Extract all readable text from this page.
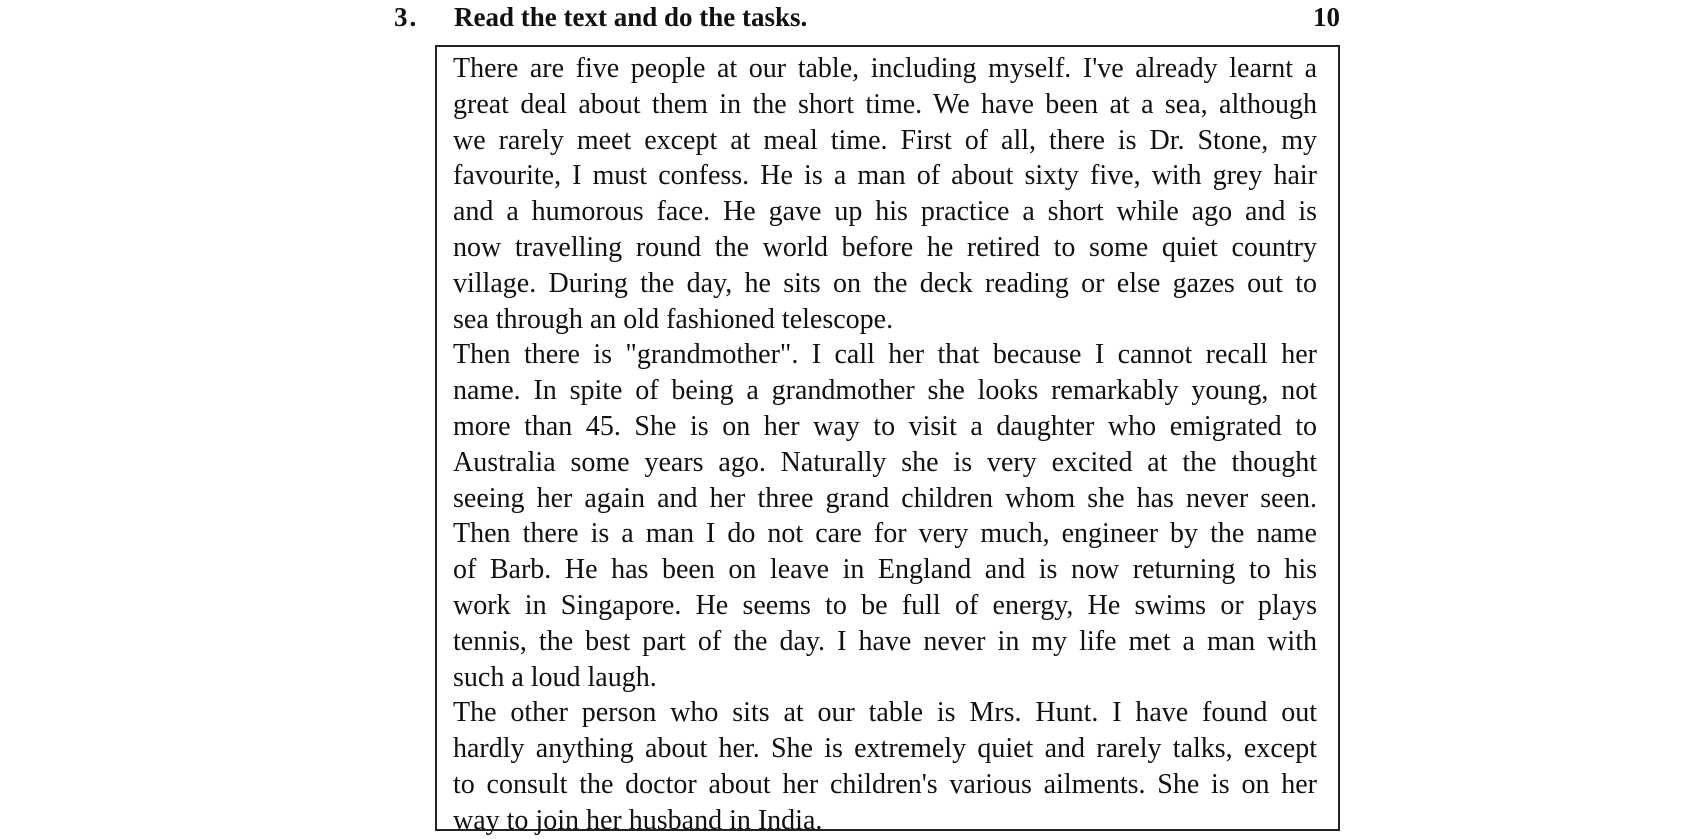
3. Read the text and do the tasks.	10
There are five people at our table, including myself. I've already learnt a
great deal about them in the short time. We have been at a sea, although
we rarely meet except at meal time. First of all, there is Dr. Stone, my
favourite, I must confess. He is a man of about sixty five, with grey hair
and a humorous face. He gave up his practice a short while ago and is
now travelling round the world before he retired to some quiet country
village. During the day, he sits on the deck reading or else gazes out to
sea through an old fashioned telescope.
Then there is "grandmother". I call her that because I cannot recall her
name. In spite of being a grandmother she looks remarkably young, not
more than 45. She is on her way to visit a daughter who emigrated to
Australia some years ago. Naturally she is very excited at the thought
seeing her again and her three grand children whom she has never seen.
Then there is a man I do not care for very much, engineer by the name
of Barb. He has been on leave in England and is now returning to his
work in Singapore. He seems to be full of energy, He swims or plays
tennis, the best part of the day. I have never in my life met a man with
such a loud laugh.
The other person who sits at our table is Mrs. Hunt. I have found out
hardly anything about her. She is extremely quiet and rarely talks, except
to consult the doctor about her children's various ailments. She is on her
way to join her husband in India.
